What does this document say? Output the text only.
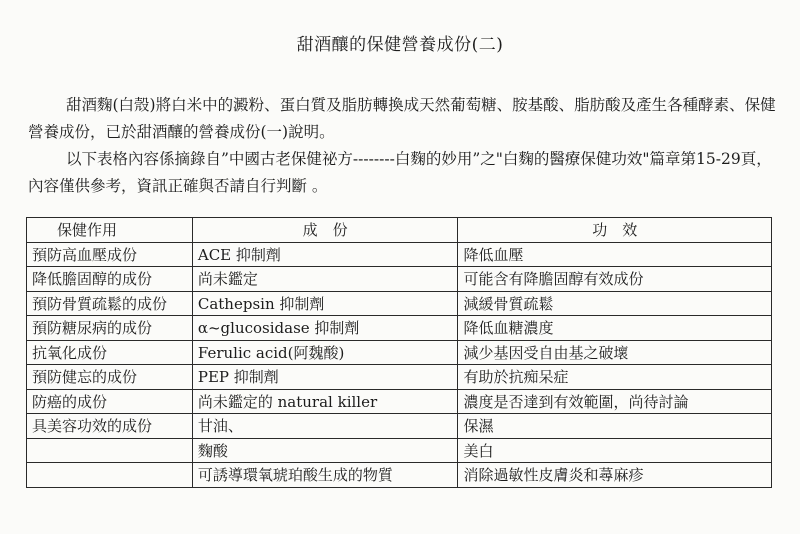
甜酒釀的保健營養成份(二)
甜酒麴(白殼)將白米中的澱粉、蛋白質及脂肪轉換成天然葡萄糖、胺基酸、脂肪酸及產生各種酵素、保健營養成份，已於甜酒釀的營養成份(一)說明。
以下表格內容係摘錄自”中國古老保健祕方--------白麴的妙用”之"白麴的醫療保健功效"篇章第15-29頁，內容僅供參考，資訊正確與否請自行判斷 。
保健作用	成　份	功　效
預防高血壓成份	ACE 抑制劑	降低血壓
降低膽固醇的成份	尚未鑑定	可能含有降膽固醇有效成份
預防骨質疏鬆的成份	Cathepsin 抑制劑	減緩骨質疏鬆
預防糖尿病的成份	α~glucosidase 抑制劑	降低血糖濃度
抗氧化成份	Ferulic acid(阿魏酸)	減少基因受自由基之破壞
預防健忘的成份	PEP 抑制劑	有助於抗痴呆症
防癌的成份	尚未鑑定的 natural killer	濃度是否達到有效範圍，尚待討論
具美容功效的成份	甘油、	保濕
	麴酸	美白
	可誘導環氧琥珀酸生成的物質	消除過敏性皮膚炎和蕁麻疹
